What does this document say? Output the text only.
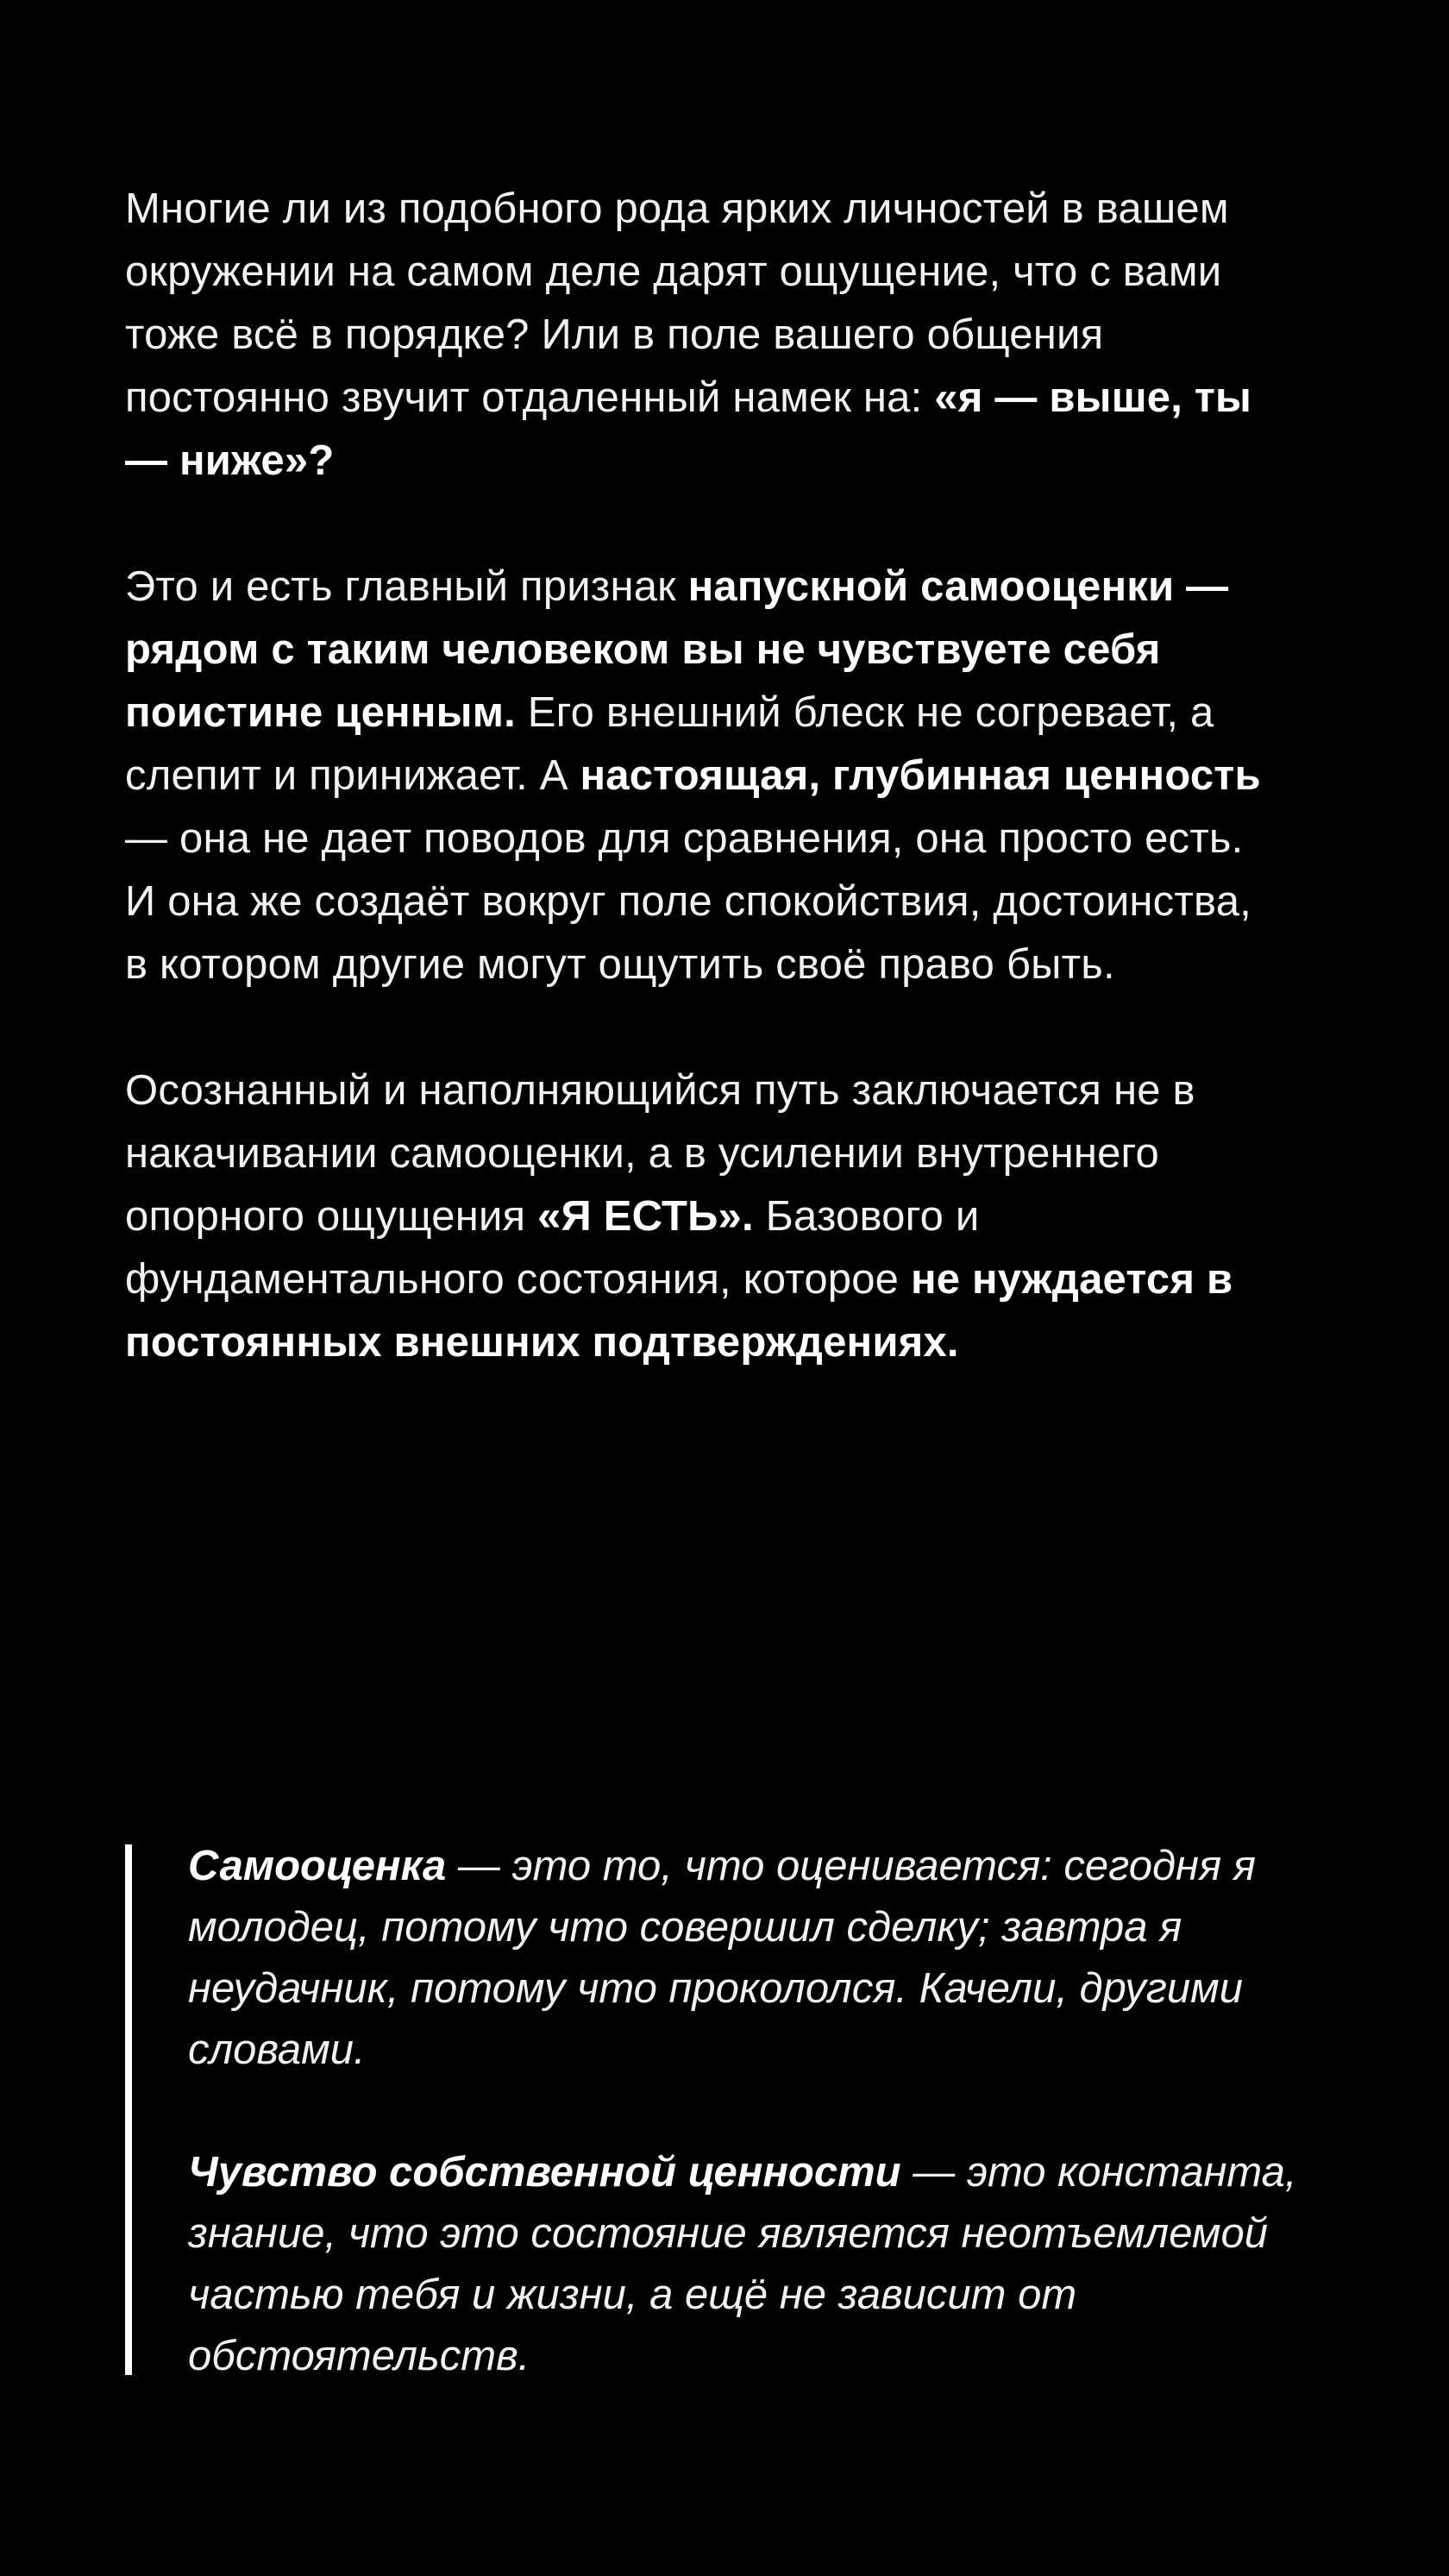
Многие ли из подобного рода ярких личностей в вашем окружении на самом деле дарят ощущение, что с вами тоже всё в порядке? Или в поле вашего общения постоянно звучит отдаленный намек на: «я — выше, ты — ниже»?

Это и есть главный признак напускной самооценки — рядом с таким человеком вы не чувствуете себя поистине ценным. Его внешний блеск не согревает, а слепит и принижает. А настоящая, глубинная ценность — она не дает поводов для сравнения, она просто есть. И она же создаёт вокруг поле спокойствия, достоинства, в котором другие могут ощутить своё право быть.

Осознанный и наполняющийся путь заключается не в накачивании самооценки, а в усилении внутреннего опорного ощущения «Я ЕСТЬ». Базового и фундаментального состояния, которое не нуждается в постоянных внешних подтверждениях.

Самооценка — это то, что оценивается: сегодня я молодец, потому что совершил сделку; завтра я неудачник, потому что прокололся. Качели, другими словами.

Чувство собственной ценности — это константа, знание, что это состояние является неотъемлемой частью тебя и жизни, а ещё не зависит от обстоятельств.
